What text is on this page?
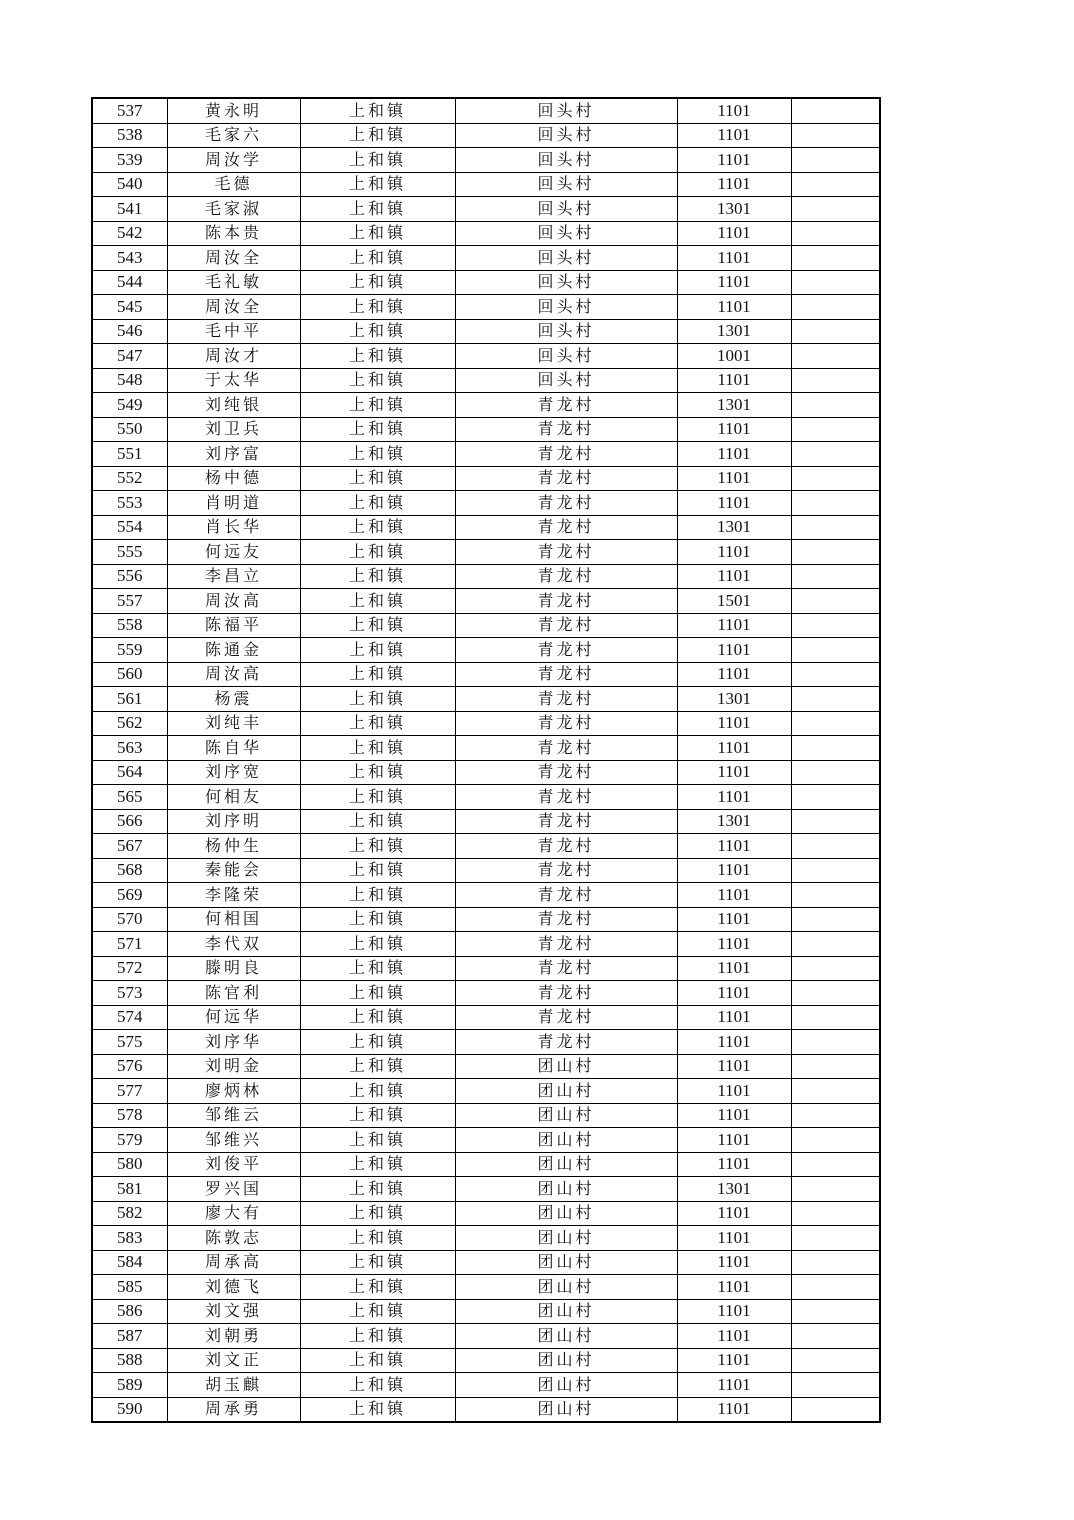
537	黄永明	上和镇	回头村	1101	
538	毛家六	上和镇	回头村	1101	
539	周汝学	上和镇	回头村	1101	
540	毛德	上和镇	回头村	1101	
541	毛家淑	上和镇	回头村	1301	
542	陈本贵	上和镇	回头村	1101	
543	周汝全	上和镇	回头村	1101	
544	毛礼敏	上和镇	回头村	1101	
545	周汝全	上和镇	回头村	1101	
546	毛中平	上和镇	回头村	1301	
547	周汝才	上和镇	回头村	1001	
548	于太华	上和镇	回头村	1101	
549	刘纯银	上和镇	青龙村	1301	
550	刘卫兵	上和镇	青龙村	1101	
551	刘序富	上和镇	青龙村	1101	
552	杨中德	上和镇	青龙村	1101	
553	肖明道	上和镇	青龙村	1101	
554	肖长华	上和镇	青龙村	1301	
555	何远友	上和镇	青龙村	1101	
556	李昌立	上和镇	青龙村	1101	
557	周汝高	上和镇	青龙村	1501	
558	陈福平	上和镇	青龙村	1101	
559	陈通金	上和镇	青龙村	1101	
560	周汝高	上和镇	青龙村	1101	
561	杨震	上和镇	青龙村	1301	
562	刘纯丰	上和镇	青龙村	1101	
563	陈自华	上和镇	青龙村	1101	
564	刘序宽	上和镇	青龙村	1101	
565	何相友	上和镇	青龙村	1101	
566	刘序明	上和镇	青龙村	1301	
567	杨仲生	上和镇	青龙村	1101	
568	秦能会	上和镇	青龙村	1101	
569	李隆荣	上和镇	青龙村	1101	
570	何相国	上和镇	青龙村	1101	
571	李代双	上和镇	青龙村	1101	
572	滕明良	上和镇	青龙村	1101	
573	陈官利	上和镇	青龙村	1101	
574	何远华	上和镇	青龙村	1101	
575	刘序华	上和镇	青龙村	1101	
576	刘明金	上和镇	团山村	1101	
577	廖炳林	上和镇	团山村	1101	
578	邹维云	上和镇	团山村	1101	
579	邹维兴	上和镇	团山村	1101	
580	刘俊平	上和镇	团山村	1101	
581	罗兴国	上和镇	团山村	1301	
582	廖大有	上和镇	团山村	1101	
583	陈敦志	上和镇	团山村	1101	
584	周承高	上和镇	团山村	1101	
585	刘德飞	上和镇	团山村	1101	
586	刘文强	上和镇	团山村	1101	
587	刘朝勇	上和镇	团山村	1101	
588	刘文正	上和镇	团山村	1101	
589	胡玉麒	上和镇	团山村	1101	
590	周承勇	上和镇	团山村	1101	
